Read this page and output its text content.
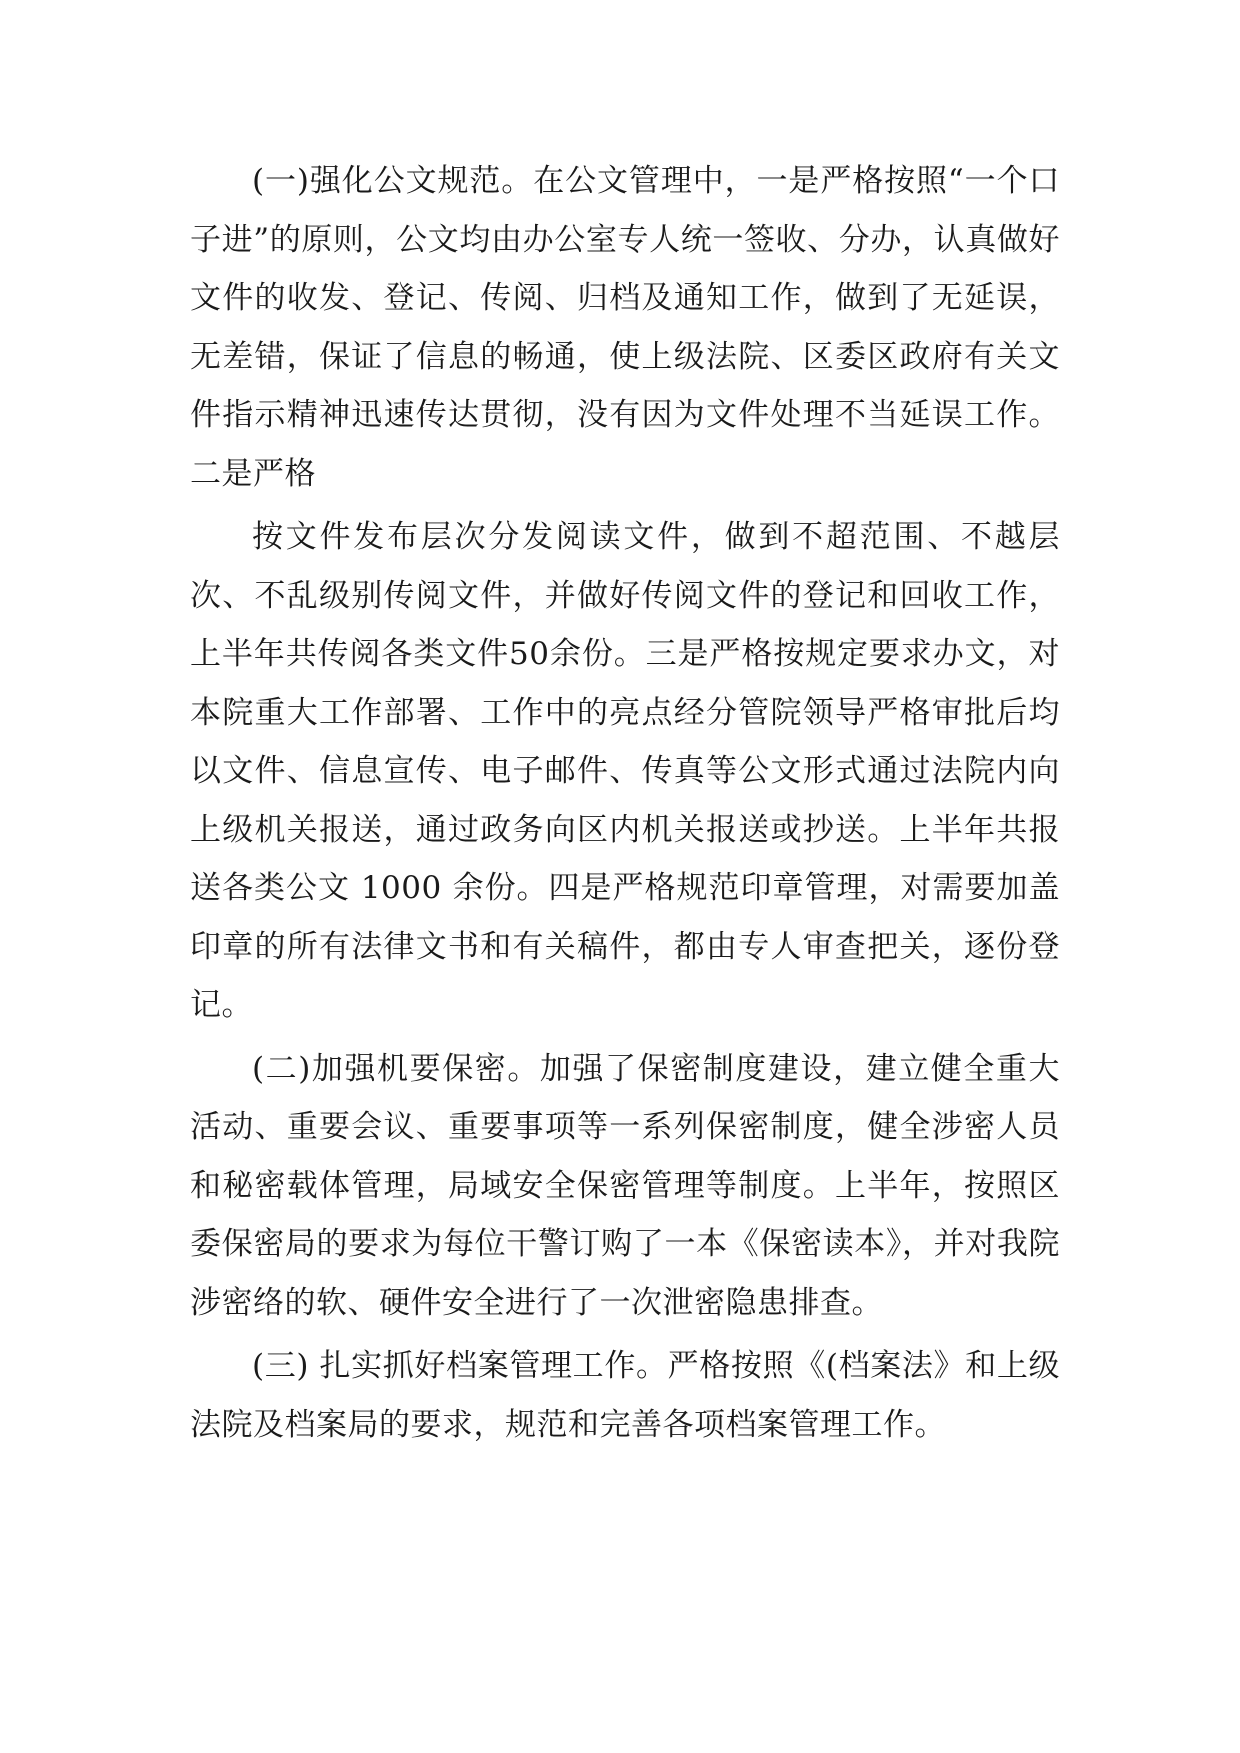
(一)强化公文规范。在公文管理中，一是严格按照“一个口子进”的原则，公文均由办公室专人统一签收、分办，认真做好文件的收发、登记、传阅、归档及通知工作，做到了无延误，无差错，保证了信息的畅通，使上级法院、区委区政府有关文件指示精神迅速传达贯彻，没有因为文件处理不当延误工作。二是严格

按文件发布层次分发阅读文件，做到不超范围、不越层次、不乱级别传阅文件，并做好传阅文件的登记和回收工作，上半年共传阅各类文件50余份。三是严格按规定要求办文，对本院重大工作部署、工作中的亮点经分管院领导严格审批后均以文件、信息宣传、电子邮件、传真等公文形式通过法院内向上级机关报送，通过政务向区内机关报送或抄送。上半年共报送各类公文 1000 余份。四是严格规范印章管理，对需要加盖印章的所有法律文书和有关稿件，都由专人审查把关，逐份登记。

(二)加强机要保密。加强了保密制度建设，建立健全重大活动、重要会议、重要事项等一系列保密制度，健全涉密人员和秘密载体管理，局域安全保密管理等制度。上半年，按照区委保密局的要求为每位干警订购了一本《保密读本》，并对我院涉密络的软、硬件安全进行了一次泄密隐患排查。

(三) 扎实抓好档案管理工作。严格按照《(档案法》和上级法院及档案局的要求，规范和完善各项档案管理工作。
